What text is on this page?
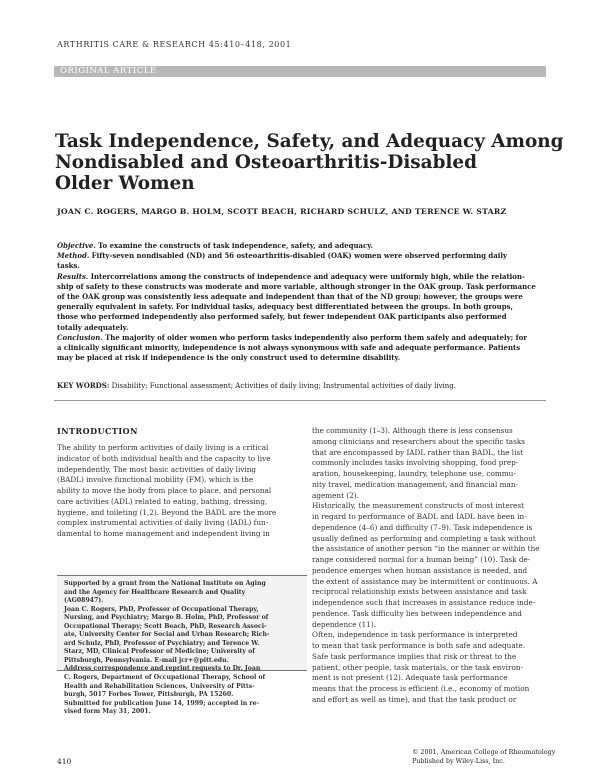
ARTHRITIS CARE & RESEARCH 45:410–418, 2001
ORIGINAL ARTICLE
Task Independence, Safety, and Adequacy Among
Nondisabled and Osteoarthritis-Disabled
Older Women
JOAN C. ROGERS, MARGO B. HOLM, SCOTT BEACH, RICHARD SCHULZ, AND TERENCE W. STARZ
Objective. To examine the constructs of task independence, safety, and adequacy.
Method. Fifty-seven nondisabled (ND) and 56 osteoarthritis-disabled (OAK) women were observed performing daily
tasks.
Results. Intercorrelations among the constructs of independence and adequacy were uniformly high, while the relation-
ship of safety to these constructs was moderate and more variable, although stronger in the OAK group. Task performance
of the OAK group was consistently less adequate and independent than that of the ND group; however, the groups were
generally equivalent in safety. For individual tasks, adequacy best differentiated between the groups. In both groups,
those who performed independently also performed safely, but fewer independent OAK participants also performed
totally adequately.
Conclusion. The majority of older women who perform tasks independently also perform them safely and adequately; for
a clinically significant minority, independence is not always synonymous with safe and adequate performance. Patients
may be placed at risk if independence is the only construct used to determine disability.
KEY WORDS: Disability; Functional assessment; Activities of daily living; Instrumental activities of daily living.
INTRODUCTION
The ability to perform activities of daily living is a critical
indicator of both individual health and the capacity to live
independently. The most basic activities of daily living
(BADL) involve functional mobility (FM), which is the
ability to move the body from place to place, and personal
care activities (ADL) related to eating, bathing, dressing,
hygiene, and toileting (1,2). Beyond the BADL are the more
complex instrumental activities of daily living (IADL) fun-
damental to home management and independent living in
Supported by a grant from the National Institute on Aging
and the Agency for Healthcare Research and Quality
(AG08947).
Joan C. Rogers, PhD, Professor of Occupational Therapy,
Nursing, and Psychiatry; Margo B. Holm, PhD, Professor of
Occupational Therapy; Scott Beach, PhD, Research Associ-
ate, University Center for Social and Urban Research; Rich-
ard Schulz, PhD, Professor of Psychiatry; and Terence W.
Starz, MD, Clinical Professor of Medicine; University of
Pittsburgh, Pennsylvania. E-mail jcr+@pitt.edu.
Address correspondence and reprint requests to Dr. Joan
C. Rogers, Department of Occupational Therapy, School of
Health and Rehabilitation Sciences, University of Pitts-
burgh, 5017 Forbes Tower, Pittsburgh, PA 15260.
Submitted for publication June 14, 1999; accepted in re-
vised form May 31, 2001.
the community (1–3). Although there is less consensus
among clinicians and researchers about the specific tasks
that are encompassed by IADL rather than BADL, the list
commonly includes tasks involving shopping, food prep-
aration, housekeeping, laundry, telephone use, commu-
nity travel, medication management, and financial man-
agement (2).
Historically, the measurement constructs of most interest
in regard to performance of BADL and IADL have been in-
dependence (4–6) and difficulty (7–9). Task independence is
usually defined as performing and completing a task without
the assistance of another person “in the manner or within the
range considered normal for a human being” (10). Task de-
pendence emerges when human assistance is needed, and
the extent of assistance may be intermittent or continuous. A
reciprocal relationship exists between assistance and task
independence such that increases in assistance reduce inde-
pendence. Task difficulty lies between independence and
dependence (11).
Often, independence in task performance is interpreted
to mean that task performance is both safe and adequate.
Safe task performance implies that risk or threat to the
patient, other people, task materials, or the task environ-
ment is not present (12). Adequate task performance
means that the process is efficient (i.e., economy of motion
and effort as well as time), and that the task product or
410
© 2001, American College of Rheumatology
Published by Wiley-Liss, Inc.
